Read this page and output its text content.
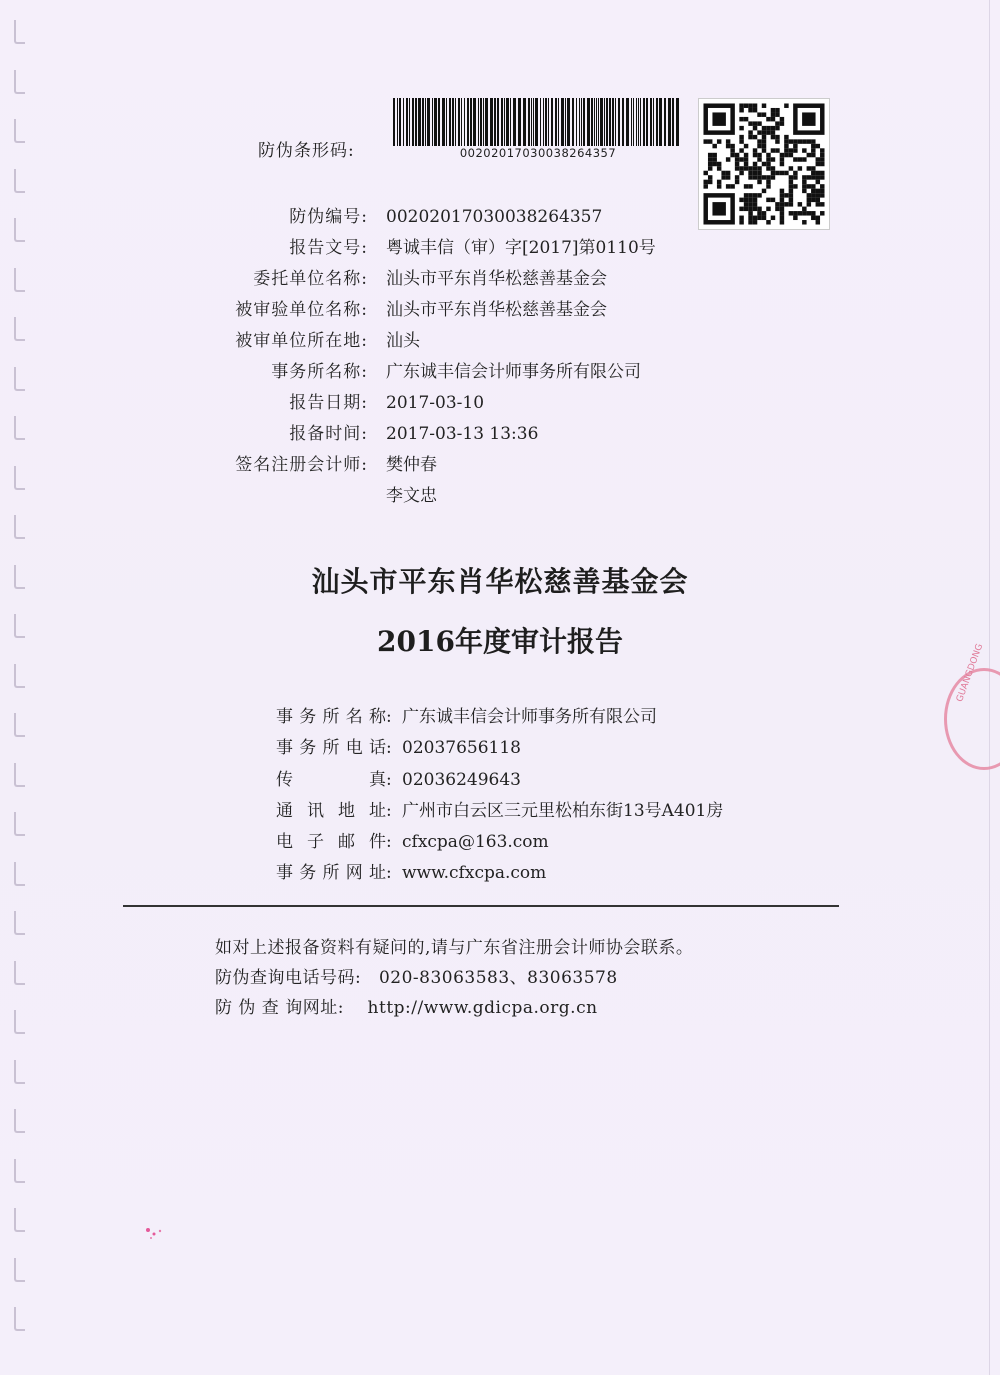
防伪条形码:	00202017030038264357
防伪编号: 00202017030038264357
报告文号: 粤诚丰信（审）字[2017]第0110号
委托单位名称: 汕头市平东肖华松慈善基金会
被审验单位名称: 汕头市平东肖华松慈善基金会
被审单位所在地: 汕头
事务所名称: 广东诚丰信会计师事务所有限公司
报告日期: 2017-03-10
报备时间: 2017-03-13 13:36
签名注册会计师: 樊仲春
李文忠
汕头市平东肖华松慈善基金会
2016年度审计报告
事务所名称: 广东诚丰信会计师事务所有限公司
事务所电话: 02037656118
传真: 02036249643
通讯地址: 广州市白云区三元里松柏东街13号A401房
电子邮件: cfxcpa@163.com
事务所网址: www.cfxcpa.com
如对上述报备资料有疑问的,请与广东省注册会计师协会联系。
防伪查询电话号码:   020-83063583、83063578
防 伪 查 询网址:    http://www.gdicpa.org.cn
GUANGDONG
